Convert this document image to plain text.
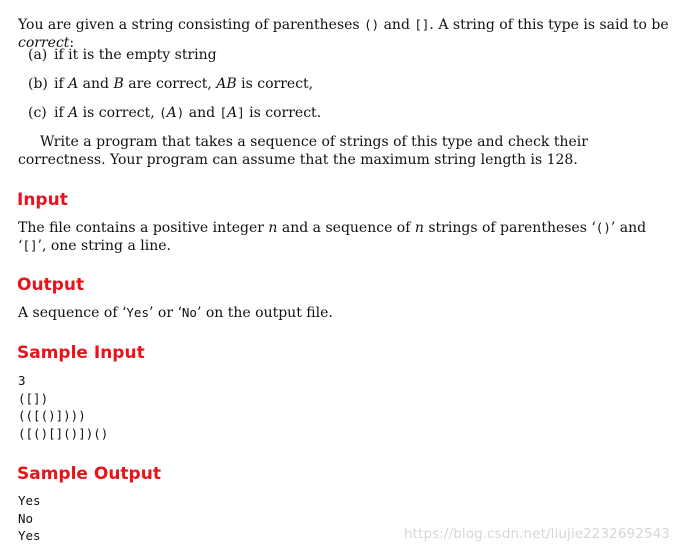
You are given a string consisting of parentheses () and []. A string of this type is said to be correct:

(a) if it is the empty string

(b) if A and B are correct, AB is correct,

(c) if A is correct, (A) and [A] is correct.

Write a program that takes a sequence of strings of this type and check their correctness. Your program can assume that the maximum string length is 128.

Input

The file contains a positive integer n and a sequence of n strings of parentheses ‘()’ and ‘[]’, one string a line.

Output

A sequence of ‘Yes’ or ‘No’ on the output file.

Sample Input
3
([])
(([()])))
([()[]()])()
Sample Output
Yes
No
Yes	https://blog.csdn.net/liujie2232692543
